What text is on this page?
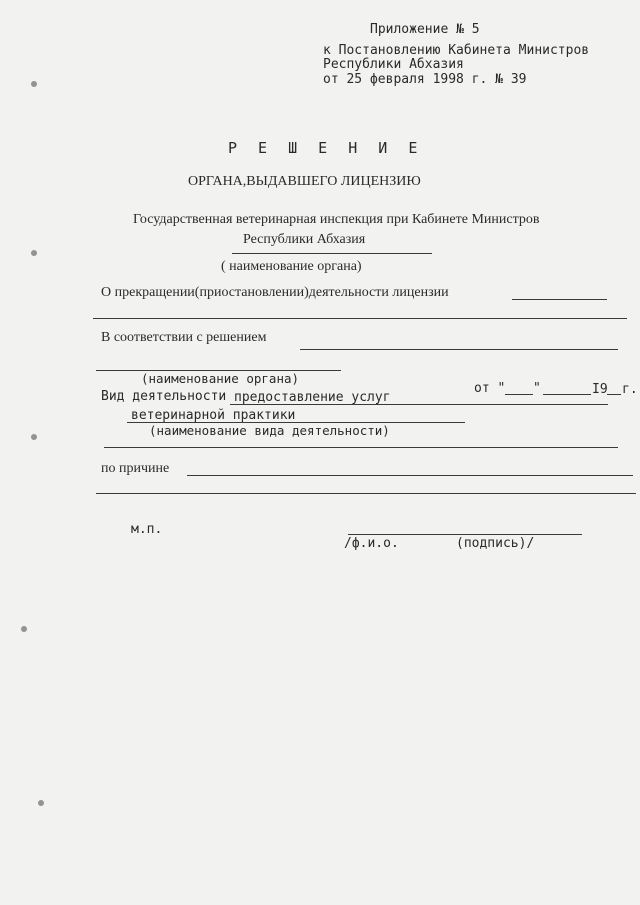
Приложение № 5
к Постановлению Кабинета Министров
Республики Абхазия
от 25 февраля 1998 г. № 39
Р Е Ш Е Н И Е
ОРГАНА,ВЫДАВШЕГО ЛИЦЕНЗИЮ
Государственная ветеринарная инспекция при Кабинете Министров
Республики Абхазия
( наименование органа)
О прекращении(приостановлении)деятельности лицензии
В соответствии с решением
(наименование органа)
от " "	I9 г.
Вид деятельности предоставление услуг
ветеринарной практики
(наименование вида деятельности)
по причине
м.п.
/ф.и.о.	(подпись)/
